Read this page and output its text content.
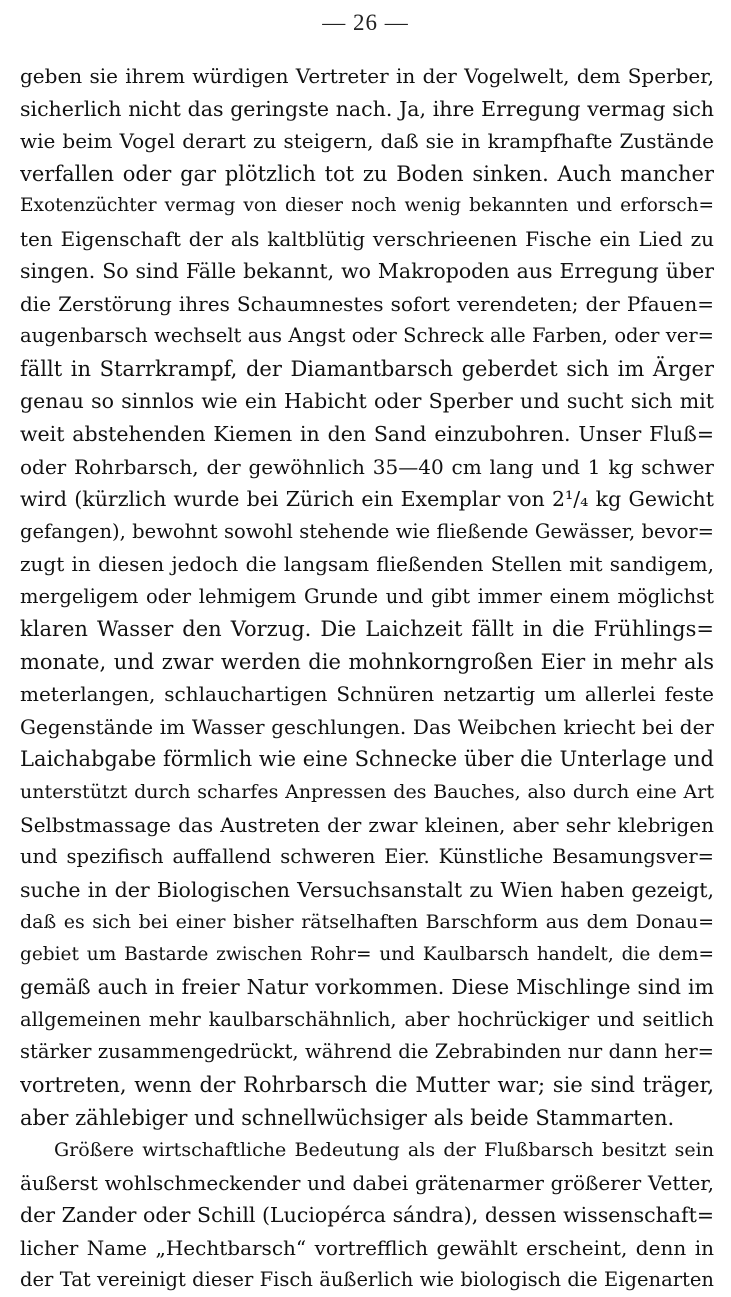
— 26 —
geben sie ihrem würdigen Vertreter in der Vogelwelt, dem Sperber,
sicherlich nicht das geringste nach. Ja, ihre Erregung vermag sich
wie beim Vogel derart zu steigern, daß sie in krampfhafte Zustände
verfallen oder gar plötzlich tot zu Boden sinken. Auch mancher
Exotenzüchter vermag von dieser noch wenig bekannten und erforsch=
ten Eigenschaft der als kaltblütig verschrieenen Fische ein Lied zu
singen. So sind Fälle bekannt, wo Makropoden aus Erregung über
die Zerstörung ihres Schaumnestes sofort verendeten; der Pfauen=
augenbarsch wechselt aus Angst oder Schreck alle Farben, oder ver=
fällt in Starrkrampf, der Diamantbarsch geberdet sich im Ärger
genau so sinnlos wie ein Habicht oder Sperber und sucht sich mit
weit abstehenden Kiemen in den Sand einzubohren. Unser Fluß=
oder Rohrbarsch, der gewöhnlich 35—40 cm lang und 1 kg schwer
wird (kürzlich wurde bei Zürich ein Exemplar von 2¹/₄ kg Gewicht
gefangen), bewohnt sowohl stehende wie fließende Gewässer, bevor=
zugt in diesen jedoch die langsam fließenden Stellen mit sandigem,
mergeligem oder lehmigem Grunde und gibt immer einem möglichst
klaren Wasser den Vorzug. Die Laichzeit fällt in die Frühlings=
monate, und zwar werden die mohnkorngroßen Eier in mehr als
meterlangen, schlauchartigen Schnüren netzartig um allerlei feste
Gegenstände im Wasser geschlungen. Das Weibchen kriecht bei der
Laichabgabe förmlich wie eine Schnecke über die Unterlage und
unterstützt durch scharfes Anpressen des Bauches, also durch eine Art
Selbstmassage das Austreten der zwar kleinen, aber sehr klebrigen
und spezifisch auffallend schweren Eier. Künstliche Besamungsver=
suche in der Biologischen Versuchsanstalt zu Wien haben gezeigt,
daß es sich bei einer bisher rätselhaften Barschform aus dem Donau=
gebiet um Bastarde zwischen Rohr= und Kaulbarsch handelt, die dem=
gemäß auch in freier Natur vorkommen. Diese Mischlinge sind im
allgemeinen mehr kaulbarschähnlich, aber hochrückiger und seitlich
stärker zusammengedrückt, während die Zebrabinden nur dann her=
vortreten, wenn der Rohrbarsch die Mutter war; sie sind träger,
aber zählebiger und schnellwüchsiger als beide Stammarten.
Größere wirtschaftliche Bedeutung als der Flußbarsch besitzt sein
äußerst wohlschmeckender und dabei grätenarmer größerer Vetter,
der Zander oder Schill (Luciopérca sándra), dessen wissenschaft=
licher Name „Hechtbarsch“ vortrefflich gewählt erscheint, denn in
der Tat vereinigt dieser Fisch äußerlich wie biologisch die Eigenarten
